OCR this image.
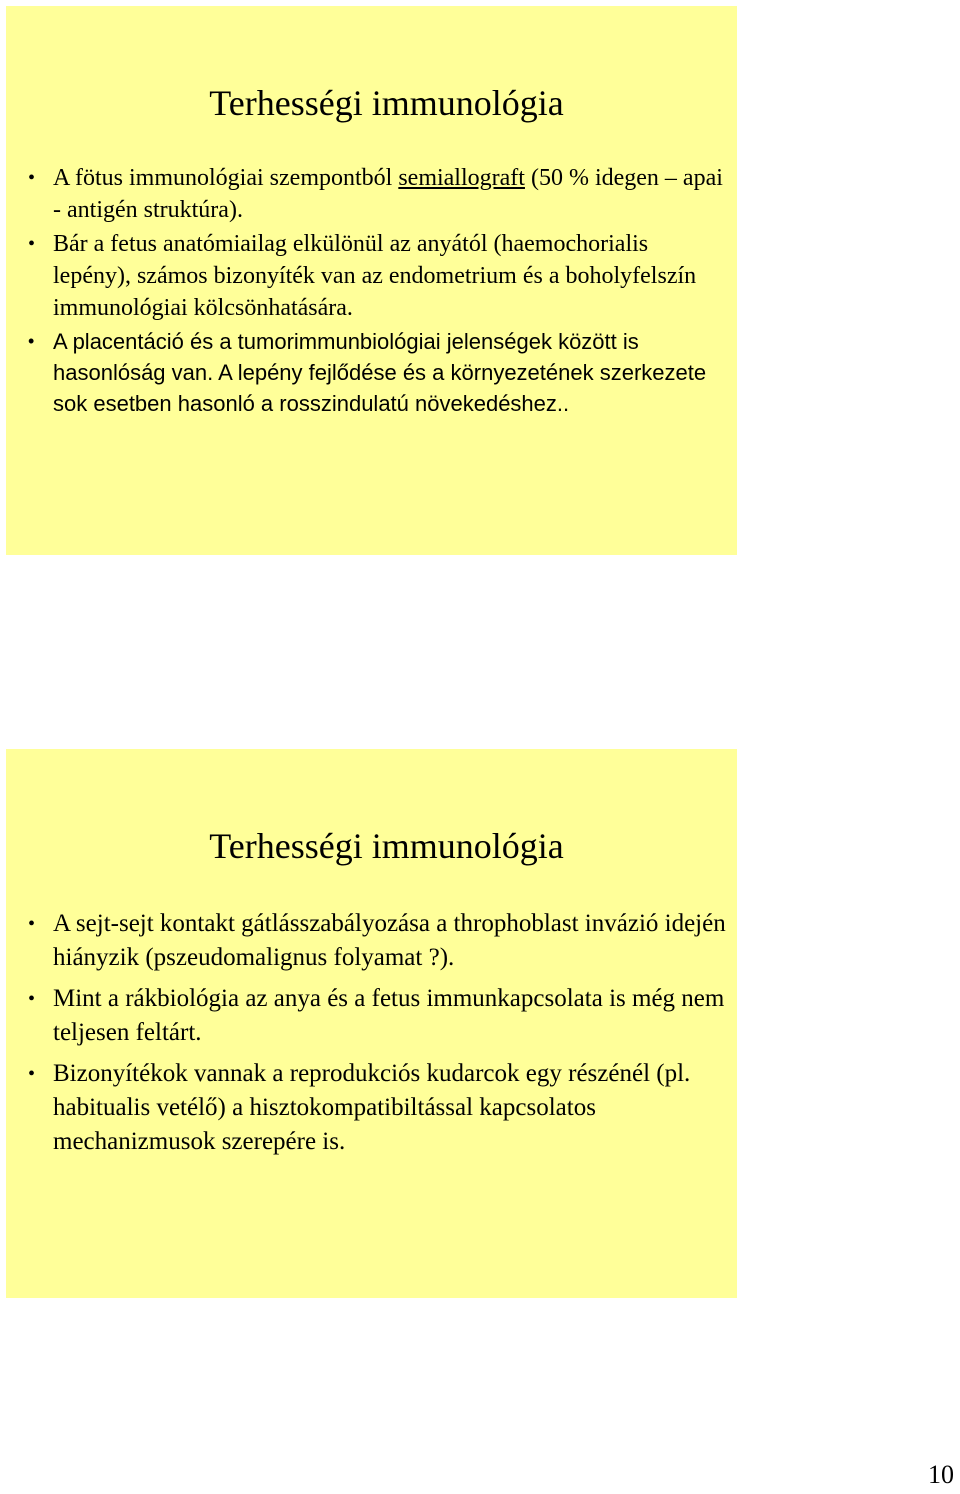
Terhességi immunológia
• A fötus immunológiai szempontból semiallograft (50 % idegen – apai - antigén struktúra).
• Bár a fetus anatómiailag elkülönül az anyától (haemochorialis lepény), számos bizonyíték van az endometrium és a boholyfelszín immunológiai kölcsönhatására.
• A placentáció és a tumorimmunbiológiai jelenségek között is hasonlóság van. A lepény fejlődése és a környezetének szerkezete sok esetben hasonló a rosszindulatú növekedéshez..
Terhességi immunológia
• A sejt-sejt kontakt gátlásszabályozása a throphoblast invázió idején hiányzik (pszeudomalignus folyamat ?).
• Mint a rákbiológia az anya és a fetus immunkapcsolata is még nem teljesen feltárt.
• Bizonyítékok vannak a reprodukciós kudarcok egy részénél (pl. habitualis vetélő) a hisztokompatibiltással kapcsolatos mechanizmusok szerepére is.
10
